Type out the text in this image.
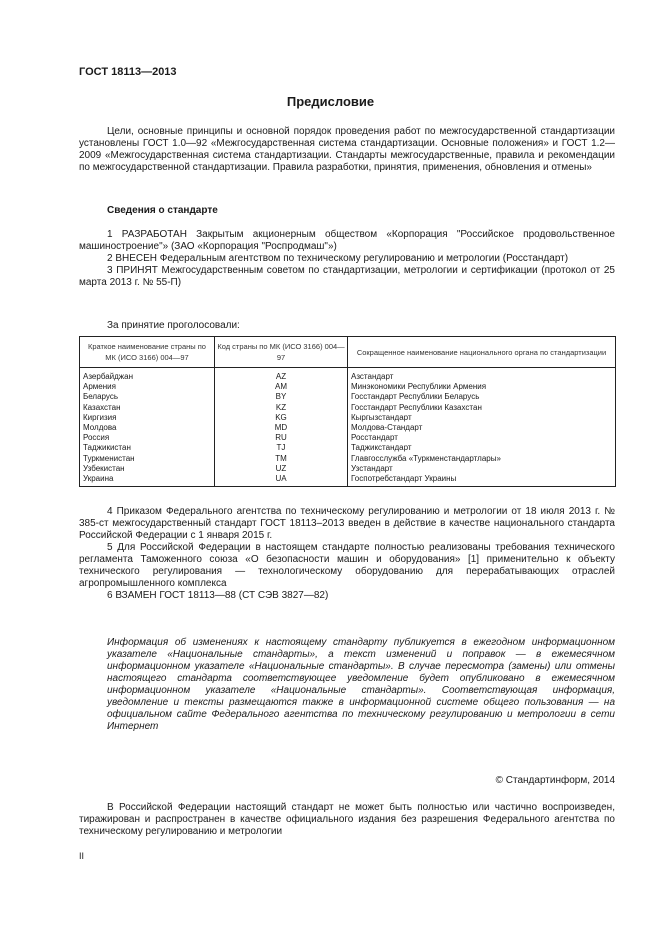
ГОСТ 18113—2013
Предисловие

Цели, основные принципы и основной порядок проведения работ по межгосударственной стандартизации установлены ГОСТ 1.0—92 «Межгосударственная система стандартизации. Основные положения» и ГОСТ 1.2—2009 «Межгосударственная система стандартизации. Стандарты межгосударственные, правила и рекомендации по межгосударственной стандартизации. Правила разработки, принятия, применения, обновления и отмены»

Сведения о стандарте

1 РАЗРАБОТАН Закрытым акционерным обществом «Корпорация "Российское продовольственное машиностроение"» (ЗАО «Корпорация "Роспродмаш"»)

2 ВНЕСЕН Федеральным агентством по техническому регулированию и метрологии (Росстандарт)

3 ПРИНЯТ Межгосударственным советом по стандартизации, метрологии и сертификации (протокол от 25 марта 2013 г. № 55-П)

За принятие проголосовали:
Краткое наименование страны по МК (ИСО 3166) 004—97	Код страны по МК (ИСО 3166) 004—97	Сокращенное наименование национального органа по стандартизации
Азербайджан	AZ	Азстандарт
Армения	AM	Минэкономики Республики Армения
Беларусь	BY	Госстандарт Республики Беларусь
Казахстан	KZ	Госстандарт Республики Казахстан
Киргизия	KG	Кыргызстандарт
Молдова	MD	Молдова-Стандарт
Россия	RU	Росстандарт
Таджикистан	TJ	Таджикстандарт
Туркменистан	TM	Главгосслужба «Туркменстандартлары»
Узбекистан	UZ	Узстандарт
Украина	UA	Госпотребстандарт Украины

4 Приказом Федерального агентства по техническому регулированию и метрологии от 18 июля 2013 г. № 385-ст межгосударственный стандарт ГОСТ 18113–2013 введен в действие в качестве национального стандарта Российской Федерации с 1 января 2015 г.

5 Для Российской Федерации в настоящем стандарте полностью реализованы требования технического регламента Таможенного союза «О безопасности машин и оборудования» [1] применительно к объекту технического регулирования — технологическому оборудованию для перерабатывающих отраслей агропромышленного комплекса

6 ВЗАМЕН ГОСТ 18113—88 (СТ СЭВ 3827—82)

Информация об изменениях к настоящему стандарту публикуется в ежегодном информационном указателе «Национальные стандарты», а текст изменений и поправок — в ежемесячном информационном указателе «Национальные стандарты». В случае пересмотра (замены) или отмены настоящего стандарта соответствующее уведомление будет опубликовано в ежемесячном информационном указателе «Национальные стандарты». Соответствующая информация, уведомление и тексты размещаются также в информационной системе общего пользования — на официальном сайте Федерального агентства по техническому регулированию и метрологии в сети Интернет

© Стандартинформ, 2014

В Российской Федерации настоящий стандарт не может быть полностью или частично воспроизведен, тиражирован и распространен в качестве официального издания без разрешения Федерального агентства по техническому регулированию и метрологии

II
